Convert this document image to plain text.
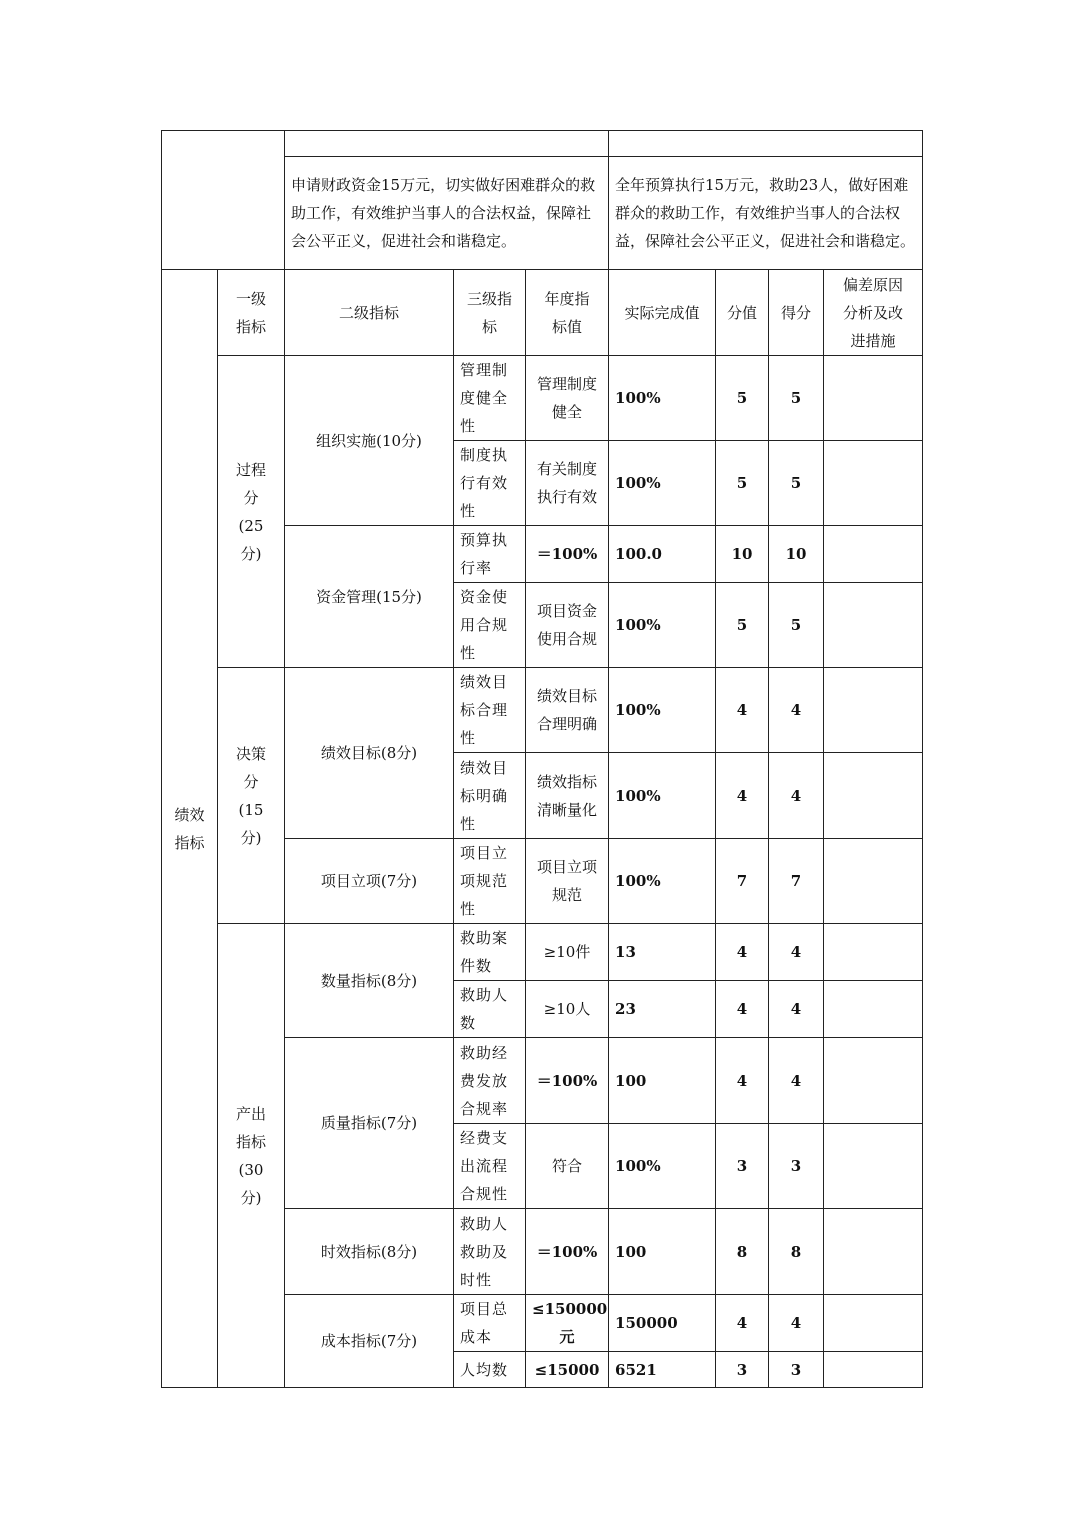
		申请财政资金15万元，切实做好困难群众的救助工作，有效维护当事人的合法权益，保障社会公平正义，促进社会和谐稳定。			全年预算执行15万元，救助23人，做好困难群众的救助工作，有效维护当事人的合法权益，保障社会公平正义，促进社会和谐稳定。			
绩效指标	一级指标	二级指标	三级指标	年度指标值	实际完成值	分值	得分	偏差原因分析及改进措施
	过程分(25分)	组织实施(10分)	管理制度健全性	管理制度健全	100%	5	5	
			制度执行有效性	有关制度执行有效	100%	5	5	
		资金管理(15分)	预算执行率	＝100%	100.0	10	10	
			资金使用合规性	项目资金使用合规	100%	5	5	
	决策分(15分)	绩效目标(8分)	绩效目标合理性	绩效目标合理明确	100%	4	4	
			绩效目标明确性	绩效指标清晰量化	100%	4	4	
		项目立项(7分)	项目立项规范性	项目立项规范	100%	7	7	
	产出指标(30分)	数量指标(8分)	救助案件数	≥10件	13	4	4	
			救助人数	≥10人	23	4	4	
		质量指标(7分)	救助经费发放合规率	＝100%	100	4	4	
			经费支出流程合规性	符合	100%	3	3	
		时效指标(8分)	救助人救助及时性	＝100%	100	8	8	
		成本指标(7分)	项目总成本	≤150000元	150000	4	4	
			人均数	≤15000	6521	3	3	
